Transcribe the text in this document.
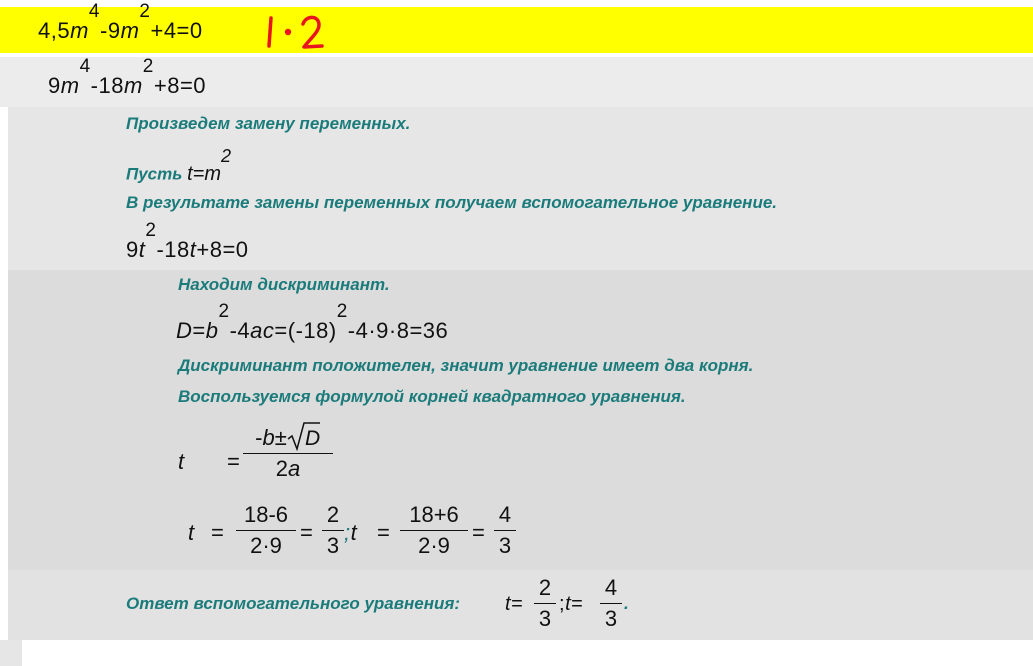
$4,5m^4-9m^2+4=0$
$9m^4-18m^2+8=0$
Произведем замену переменных.
Пусть $t=m^2$
В результате замены переменных получаем вспомогательное уравнение.
$9t^2-18t+8=0$
Находим дискриминант.
$D=b^2-4ac=(-18)^2-4\cdot 9\cdot 8=36$
Дискриминант положителен, значит уравнение имеет два корня.
Воспользуемся формулой корней квадратного уравнения.
t =
-b± D
2a
t =
18-6
2·9
=
2
3
;t =
18+6
2·9
=
4
3
Ответ вспомогательного уравнения: t=
2
3
;t=
4
3
.
